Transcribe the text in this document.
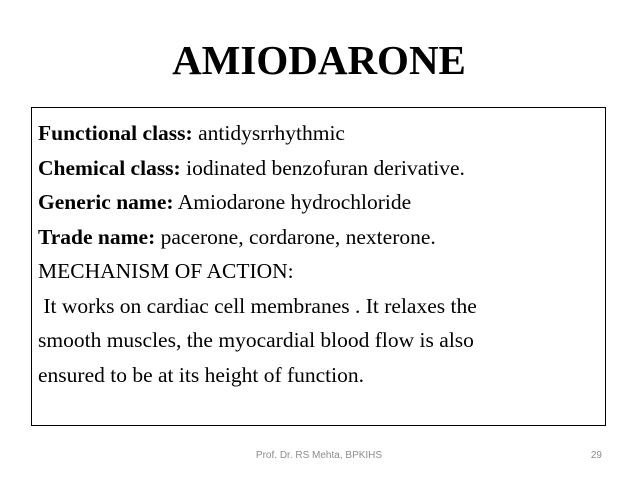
AMIODARONE
Functional class: antidysrrhythmic
Chemical class: iodinated benzofuran derivative.
Generic name: Amiodarone hydrochloride
Trade name: pacerone, cordarone, nexterone.
MECHANISM OF ACTION:
It works on cardiac cell membranes . It relaxes the
smooth muscles, the myocardial blood flow is also
ensured to be at its height of function.
Prof. Dr. RS Mehta, BPKIHS	29
